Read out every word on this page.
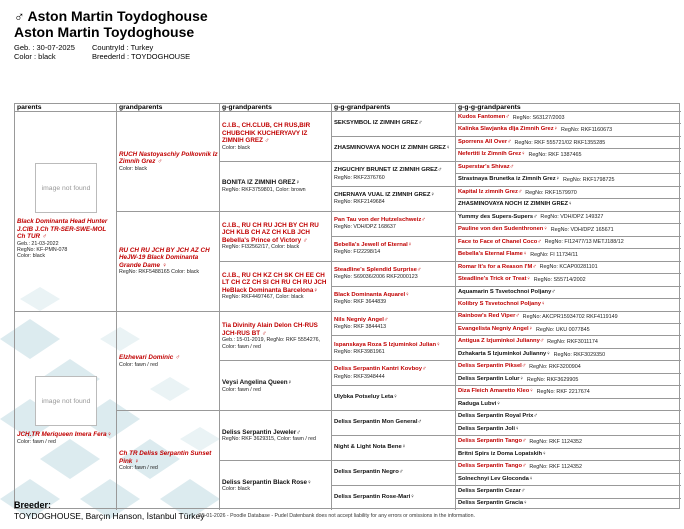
♂ Aston Martin Toydoghouse
Aston Martin Toydoghouse
Geb. : 30-07-2025 CountryId : Turkey
Color : black	BreederId : TOYDOGHOUSE
parents
image not found
Black Dominanta Head Hunter J.CIB J.Ch TR-SER-SWE-MOL Ch TUR ♂
Geb.: 21-03-2022
RegNo: KF-PMN-078
Color: black
image not found
JCH.TR Meriqueen Imera Fera♀
Color: fawn / red
grandparents
RUCH Nastoyaschiy Polkovnik Iz Zimnih Grez ♂
Color: black
RU CH RU JCH BY JCH AZ CH HeJW-19 Black Dominanta Grande Dame ♀
RegNo: RKF5488165 Color: black
Elzhevari Dominic ♂
Color: fawn / red
Ch TR Deliss Serpantin Sunset Pink ♀
Color: fawn / red
g-grandparents
C.I.B., CH.CLUB, CH RUS,BIR CHUBCHIK KUCHERYAVY IZ ZIMNIH GREZ ♂
Color: black
BONITA IZ ZIMNIH GREZ♀
RegNo: RKF3759801, Color: brown
C.I.B., RU CH RU JCH BY CH RU JCH KLB CH AZ CH KLB JCH Bebella's Prince of Victory ♂
RegNo: FI32562/17, Color: black
C.I.B., RU CH KZ CH SK CH EE CH LT CH CZ CH SI CH RU CH RU JCH HeBlack Dominanta Barcelona♀
RegNo: RKF4497467, Color: black
Tia Divinity Alain Delon CH-RUS JCH-RUS BT ♂
Geb.: 15-01-2019, RegNo: RKF 5554276, Color: fawn / red
Veysi Angelina Queen♀
Color: fawn / red
Deliss Serpantin Jeweler♂
RegNo: RKF 3629315, Color: fawn / red
Deliss Serpantin Black Rose♀
Color: black
g-g-grandparents
SEKSYMBOL IZ ZIMNIH GREZ♂
ZHASMINOVAYA NOCH IZ ZIMNIH GREZ♀
ZHGUCHIY BRUNET IZ ZIMNIH GREZ♂
RegNo: RKF2376760
CHERNAYA VUAL IZ ZIMNIH GREZ♀
RegNo: RKF2149684
Pan Tau von der Hutzelschweiz♂
RegNo: VDH/DPZ 168637
Bebella's Jewell of Eternal♀
RegNo: FI22298/14
Steadline's Splendid Surprise♂
RegNo: S69036/2006 RKF2000123
Black Dominanta Aquarel♀
RegNo: RKF 3644839
Nils Negniy Angel♂
RegNo: RKF 3844413
Ispanskaya Roza S Izjuminkoi Julian♀
RegNo: RKF3981961
Deliss Serpantin Kantri Kovboy♂
RegNo: RKF3948444
Ulybka Potseluy Leta♀
Deliss Serpantin Mon General♂
Night & Light Nota Bene♀
Deliss Serpantin Negro♂
Deliss Serpantin Rose-Mari♀
g-g-g-grandparents
Kudos Fantomen♂ RegNo: S63127/2003
Kalinka Slavjanka dlja Zimnih Grez♀ RegNo: RKF1160673
Sporrens All Over♂ RegNo: RKF 555721/02 RKF1355285
Nefertiti Iz Zimnih Grez♀ RegNo: RKF 1387465
Superstar's Shivaz♂
Strastnaya Brunetka iz Zimnih Grez♀ RegNo: RKF1798725
Kapital Iz zimnih Grez♂ RegNo: RKF1579970
ZHASMINOVAYA NOCH IZ ZIMNIH GREZ♀
Yummy des Supers-Supers♂ RegNo: VDH/DPZ 149327
Pauline von den Sudenthronen♀ RegNo: VDH/DPZ 165671
Face to Face of Chanel Coco♂ RegNo: FI12477/13 METJ188/12
Bebella's Eternal Flame♀ RegNo: FI 11734/11
Romar It's for a Reason I'M♂ RegNo: KCAP00281101
Steadline's Trick or Treat♀ RegNo: S55714/2002
Aquamarin S Tsvetochnoi Poljany♂
Kolibry S Tsvetochnoi Poljany♀
Rainbow's Red Viper♂ RegNo: AKCPR15934702 RKF4119149
Evangelista Negniy Angel♀ RegNo: UKU 0077845
Antigua Z Izjuminkoi Julianny♂ RegNo: RKF3011174
Dzhakarta S Izjuminkoi Julianny♀ RegNo: RKF3029350
Deliss Serpantin Piksel♂ RegNo: RKF3200904
Deliss Serpantin Lolur♀ RegNo: RKF3629905
Diza Fleich Amaretto Kleo♀ RegNo: RKF 2217674
Raduga Lubvi♀
Deliss Serpantin Royal Prix♂
Deliss Serpantin Joli♀
Deliss Serpantin Tango♂ RegNo: RKF 1124352
Britni Spirs iz Doma Lopatskih♀
Deliss Serpantin Tango♂ RegNo: RKF 1124352
Solnechnyi Lev Gloconda♀
Deliss Serpantin Cezar♂
Deliss Serpantin Gracia♀
Breeder:
TOYDOGHOUSE, Barçın Hanson, İstanbul Türkey
©5-01-2026 - Poodle Database - Pudel Datenbank does not accept liability for any errors or omissions in the information.
